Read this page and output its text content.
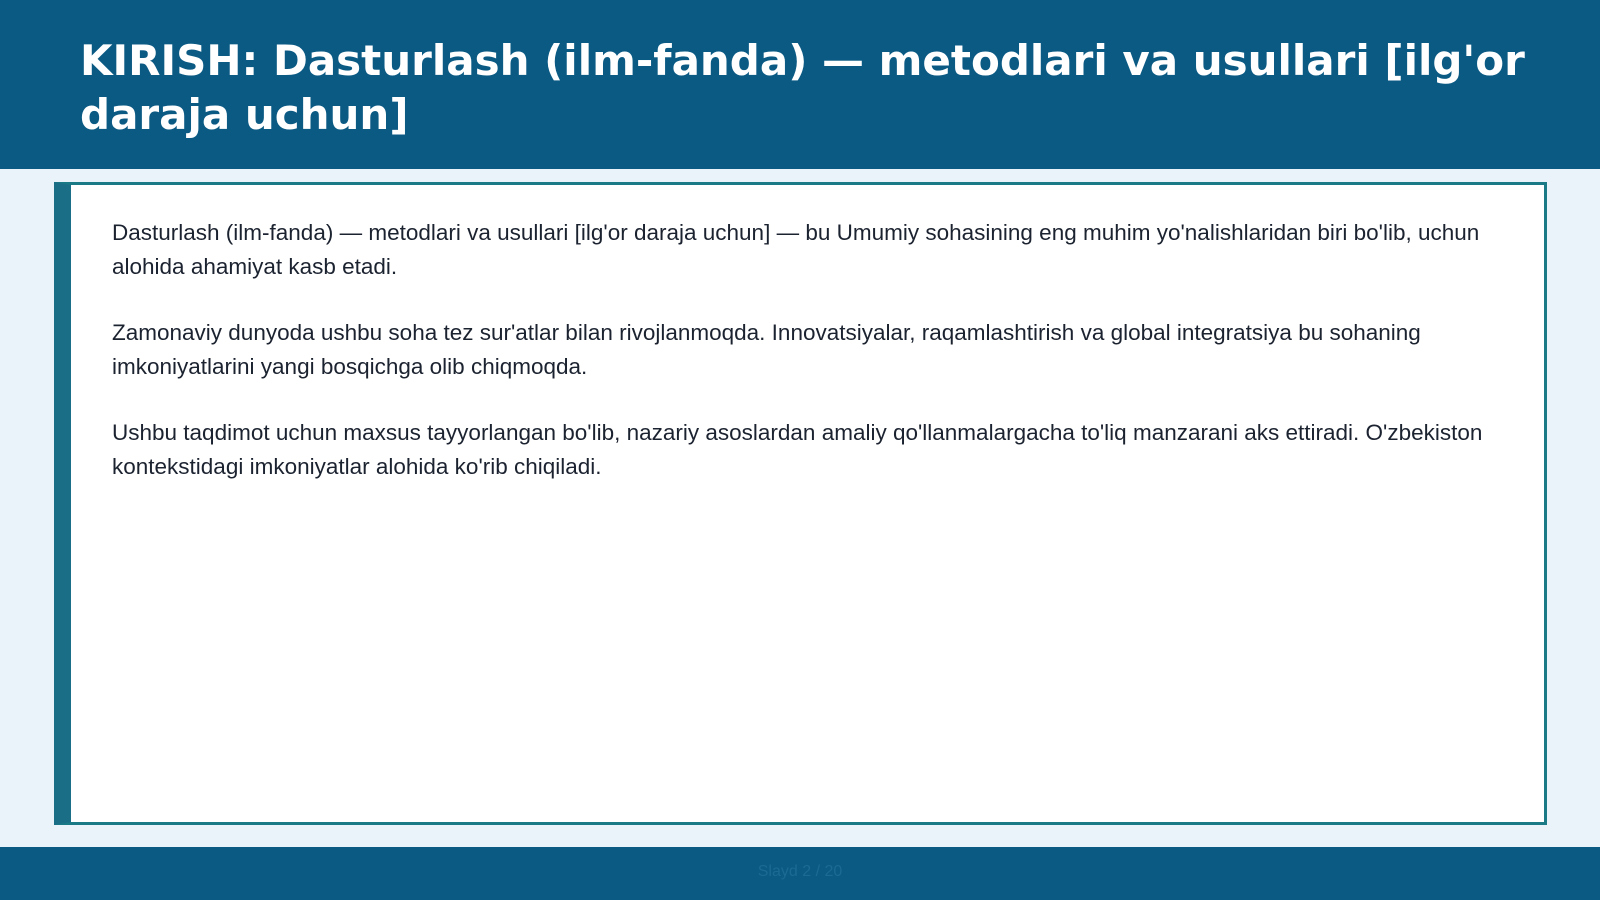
KIRISH: Dasturlash (ilm-fanda) — metodlari va usullari [ilg'or daraja uchun]

Dasturlash (ilm-fanda) — metodlari va usullari [ilg'or daraja uchun] — bu Umumiy sohasining eng muhim yo'nalishlaridan biri bo'lib, uchun alohida ahamiyat kasb etadi.

Zamonaviy dunyoda ushbu soha tez sur'atlar bilan rivojlanmoqda. Innovatsiyalar, raqamlashtirish va global integratsiya bu sohaning imkoniyatlarini yangi bosqichga olib chiqmoqda.

Ushbu taqdimot uchun maxsus tayyorlangan bo'lib, nazariy asoslardan amaliy qo'llanmalargacha to'liq manzarani aks ettiradi. O'zbekiston kontekstidagi imkoniyatlar alohida ko'rib chiqiladi.

Slayd 2 / 20
